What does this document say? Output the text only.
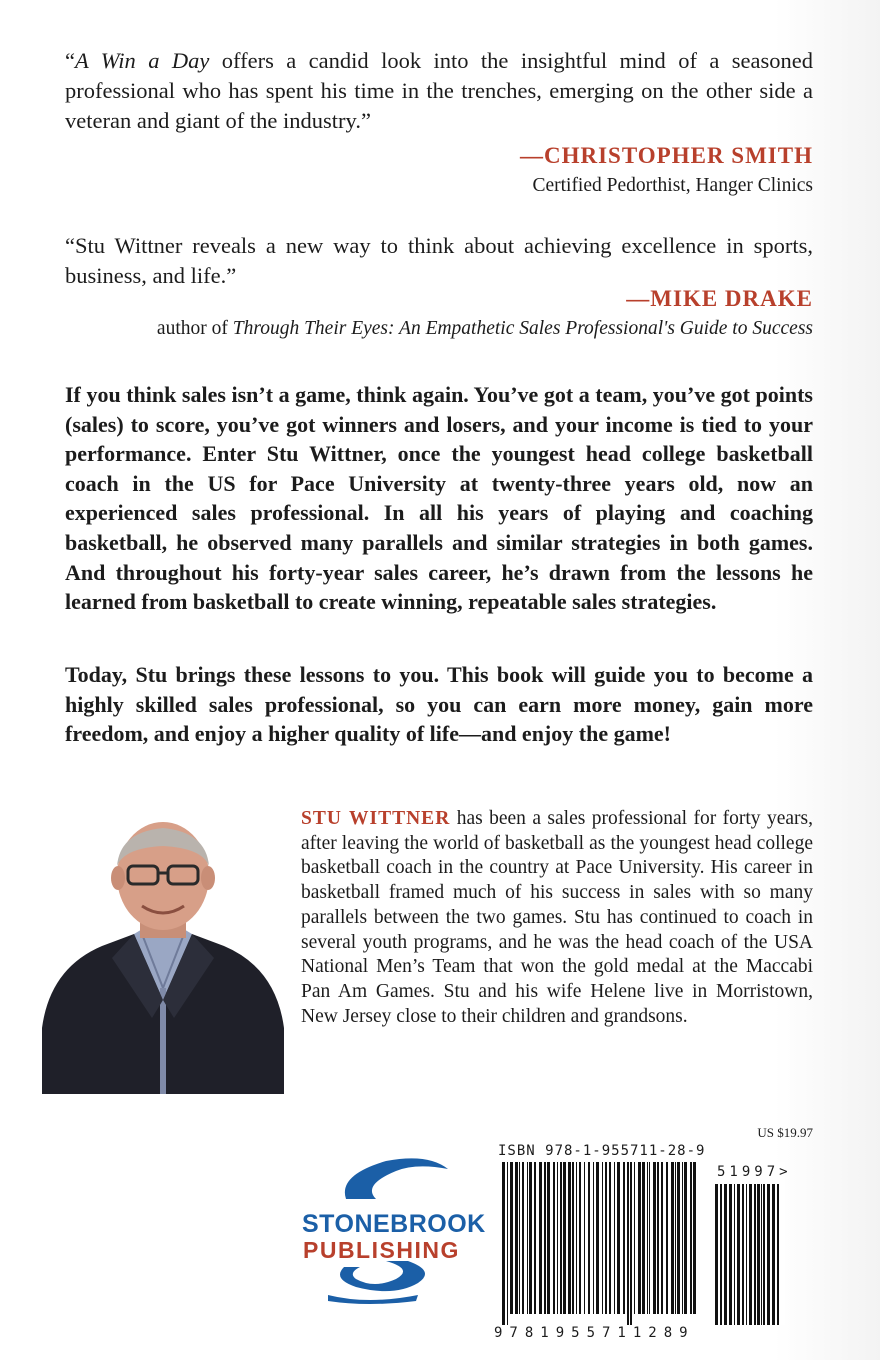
“A Win a Day offers a candid look into the insightful mind of a seasoned professional who has spent his time in the trenches, emerging on the other side a veteran and giant of the industry.”
—CHRISTOPHER SMITH
Certified Pedorthist, Hanger Clinics
“Stu Wittner reveals a new way to think about achieving excellence in sports, business, and life.”
—MIKE DRAKE
author of Through Their Eyes: An Empathetic Sales Professional's Guide to Success
If you think sales isn’t a game, think again. You’ve got a team, you’ve got points (sales) to score, you’ve got winners and losers, and your income is tied to your performance. Enter Stu Wittner, once the youngest head college basketball coach in the US for Pace University at twenty-three years old, now an experienced sales professional. In all his years of playing and coaching basketball, he observed many parallels and similar strategies in both games. And throughout his forty-year sales career, he’s drawn from the lessons he learned from basketball to create winning, repeatable sales strategies.
Today, Stu brings these lessons to you. This book will guide you to become a highly skilled sales professional, so you can earn more money, gain more freedom, and enjoy a higher quality of life—and enjoy the game!
STU WITTNER has been a sales professional for forty years, after leaving the world of basketball as the youngest head college basketball coach in the country at Pace University. His career in basketball framed much of his success in sales with so many parallels between the two games. Stu has continued to coach in several youth programs, and he was the head coach of the USA National Men’s Team that won the gold medal at the Maccabi Pan Am Games. Stu and his wife Helene live in Morristown, New Jersey close to their children and grandsons.
US $19.97
STONEBROOK
PUBLISHING
ISBN 978-1-955711-28-9
9781955711289
51997>
